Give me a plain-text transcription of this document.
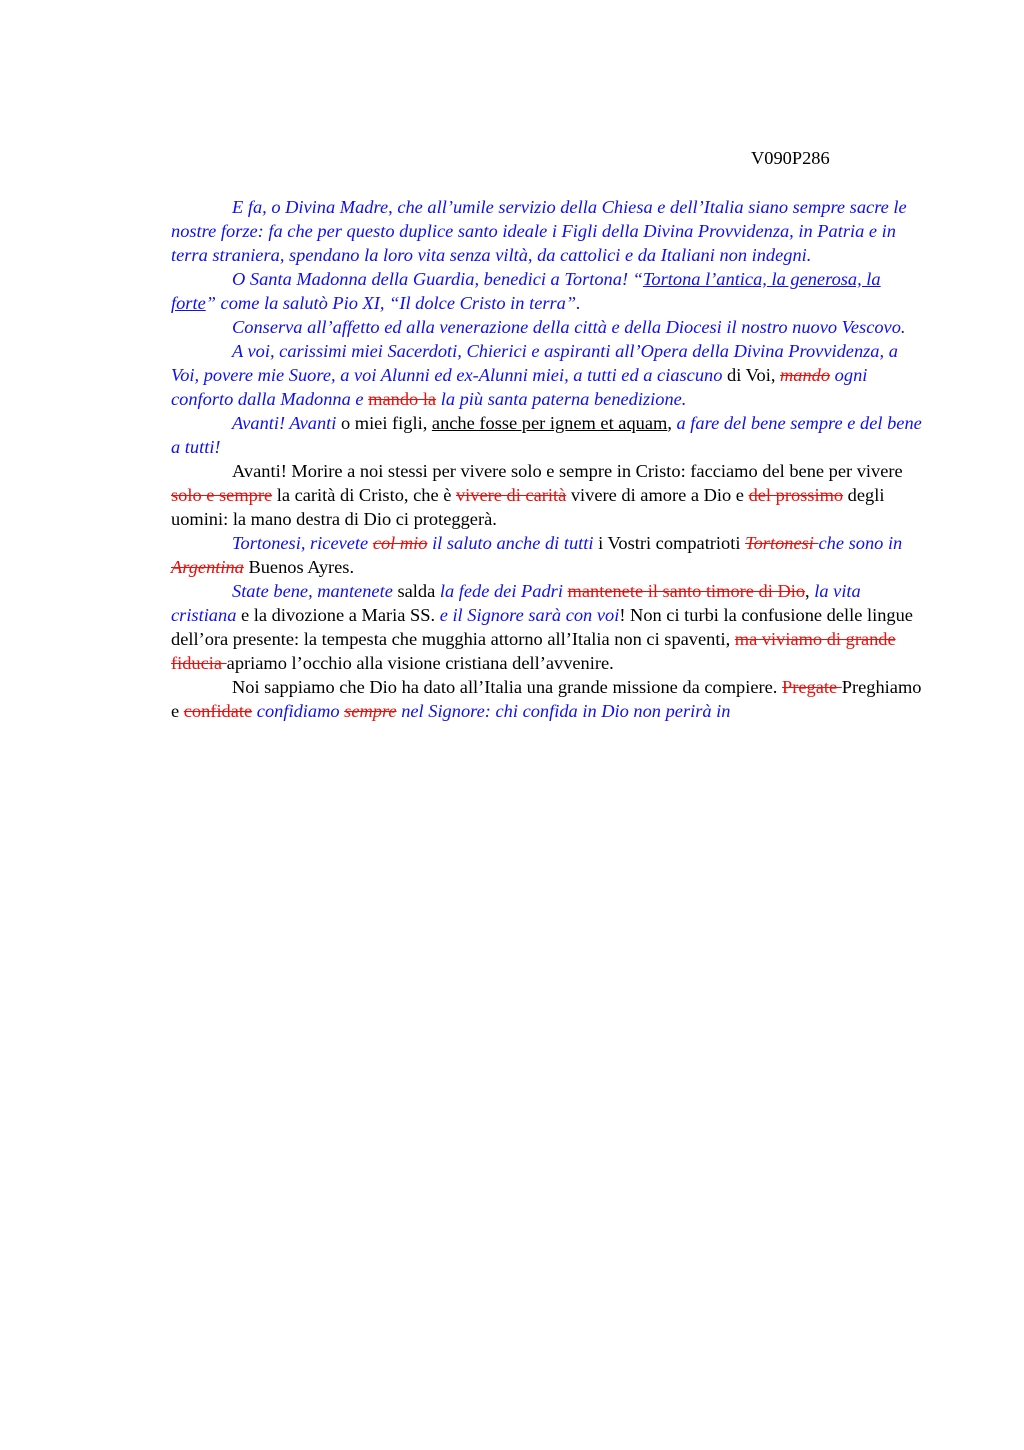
V090P286

E fa, o Divina Madre, che all’umile servizio della Chiesa e dell’Italia siano sempre sacre le nostre forze: fa che per questo duplice santo ideale i Figli della Divina Provvidenza, in Patria e in terra straniera, spendano la loro vita senza viltà, da cattolici e da Italiani non indegni.

O Santa Madonna della Guardia, benedici a Tortona! “Tortona l’antica, la generosa, la forte” come la salutò Pio XI, “Il dolce Cristo in terra”.

Conserva all’affetto ed alla venerazione della città e della Diocesi il nostro nuovo Vescovo.

A voi, carissimi miei Sacerdoti, Chierici e aspiranti all’Opera della Divina Provvidenza, a Voi, povere mie Suore, a voi Alunni ed ex-Alunni miei, a tutti ed a ciascuno di Voi, mando ogni conforto dalla Madonna e mando la la più santa paterna benedizione.

Avanti! Avanti o miei figli, anche fosse per ignem et aquam, a fare del bene sempre e del bene a tutti!

Avanti! Morire a noi stessi per vivere solo e sempre in Cristo: facciamo del bene per vivere solo e sempre la carità di Cristo, che è vivere di carità vivere di amore a Dio e del prossimo degli uomini: la mano destra di Dio ci proteggerà.

Tortonesi, ricevete col mio il saluto anche di tutti i Vostri compatrioti Tortonesi che sono in Argentina Buenos Ayres.

State bene, mantenete salda la fede dei Padri mantenete il santo timore di Dio, la vita cristiana e la divozione a Maria SS. e il Signore sarà con voi! Non ci turbi la confusione delle lingue dell’ora presente: la tempesta che mugghia attorno all’Italia non ci spaventi, ma viviamo di grande fiducia apriamo l’occhio alla visione cristiana dell’avvenire.

Noi sappiamo che Dio ha dato all’Italia una grande missione da compiere. Pregate Preghiamo e confidate confidiamo sempre nel Signore: chi confida in Dio non perirà in
